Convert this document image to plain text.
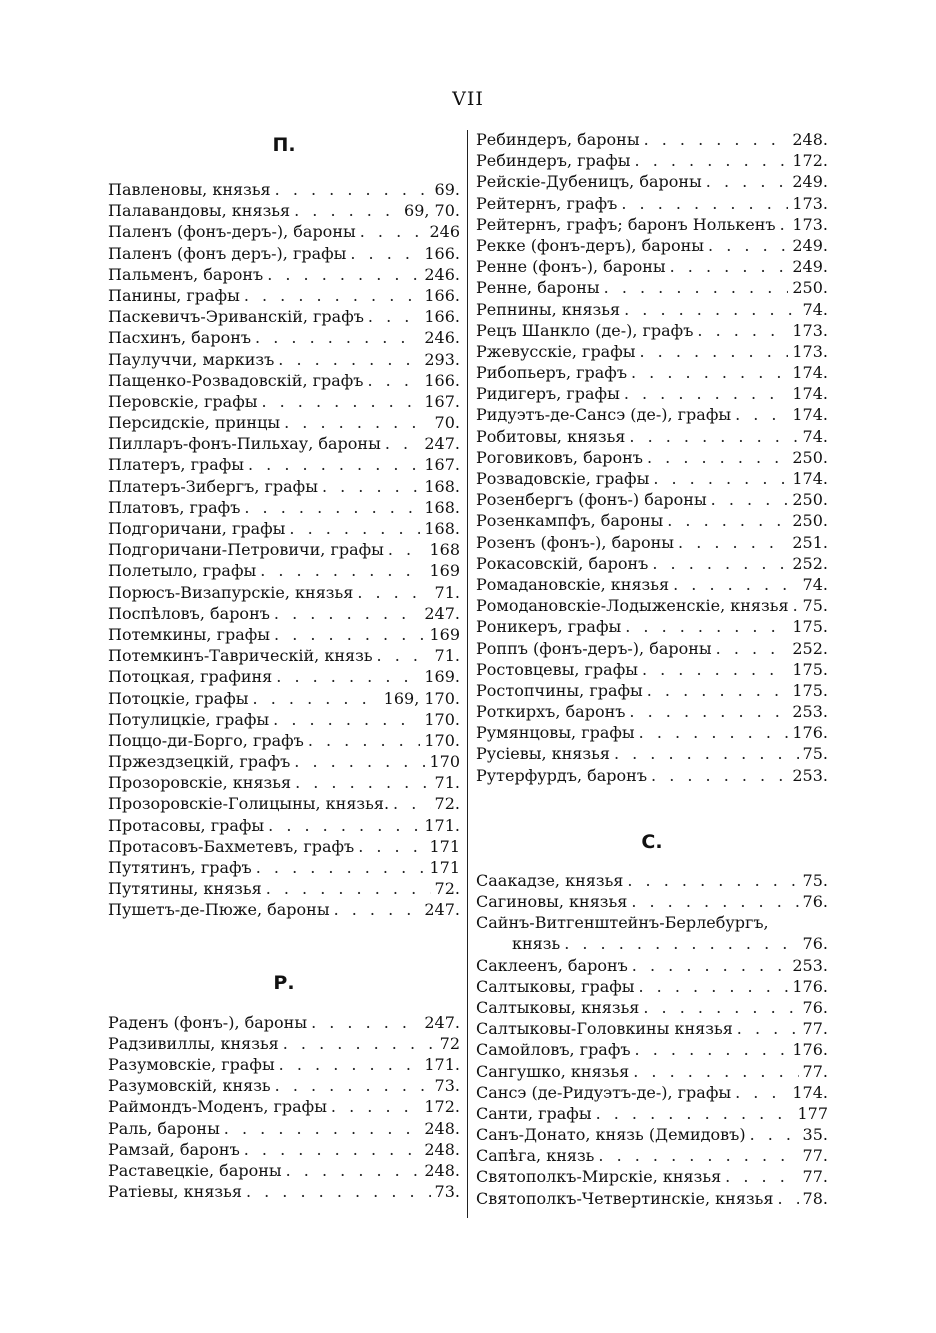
VII
П.
Павленовы, князья . . .	69.
Палавандовы, князья . . .	69, 70.
Паленъ (фонъ-деръ-), бароны . . .	246
Паленъ (фонъ деръ-), графы . . .	166.
Пальменъ, баронъ . . .	246.
Панины, графы . . .	166.
Паскевичъ-Эриванскій, графъ . . .	166.
Пасхинъ, баронъ . . .	246.
Паулуччи, маркизъ . . .	293.
Пащенко-Розвадовскій, графъ . . .	166.
Перовскіе, графы . . .	167.
Персидскіе, принцы . . .	70.
Пилларъ-фонъ-Пильхау, бароны . . .	247.
Платеръ, графы . . .	167.
Платеръ-Зибергъ, графы . . .	168.
Платовъ, графъ . . .	168.
Подгоричани, графы . . .	168.
Подгоричани-Петровичи, графы . . .	168
Полетыло, графы . . .	169
Порюсъ-Визапурскіе, князья . . .	71.
Поспѣловъ, баронъ . . .	247.
Потемкины, графы . . .	169
Потемкинъ-Таврическій, князь . . .	71.
Потоцкая, графиня . . .	169.
Потоцкіе, графы . . .	169, 170.
Потулицкіе, графы . . .	170.
Поццо-ди-Борго, графъ . . .	170.
Пржездзецкій, графъ . . .	170
Прозоровскіе, князья . . .	71.
Прозоровскіе-Голицыны, князья. . . .	72.
Протасовы, графы . . .	171.
Протасовъ-Бахметевъ, графъ . . .	171
Путятинъ, графъ . . .	171
Путятины, князья . . .	72.
Пушетъ-де-Пюже, бароны . . .	247.
Р.
Раденъ (фонъ-), бароны . . .	247.
Радзивиллы, князья . . .	72
Разумовскіе, графы . . .	171.
Разумовскій, князь . . .	73.
Раймондъ-Моденъ, графы . . .	172.
Раль, бароны . . .	248.
Рамзай, баронъ . . .	248.
Раставецкіе, бароны . . .	248.
Ратіевы, князья . . .	73.
Ребиндеръ, бароны . . .	248.
Ребиндеръ, графы . . .	172.
Рейскіе-Дубеницъ, бароны . . .	249.
Рейтернъ, графъ . . .	173.
Рейтернъ, графъ; баронъ Нолькенъ . . . 173.
Рекке (фонъ-деръ), бароны . . .	249.
Ренне (фонъ-), бароны . . .	249.
Ренне, бароны . . .	250.
Репнины, князья . . .	74.
Рецъ Шанкло (де-), графъ . . .	173.
Ржевусскіе, графы . . .	173.
Рибопьеръ, графъ . . .	174.
Ридигеръ, графы . . .	174.
Ридуэтъ-де-Сансэ (де-), графы . . .	174.
Робитовы, князья . . .	74.
Роговиковъ, баронъ . . .	250.
Розвадовскіе, графы . . .	174.
Розенбергъ (фонъ-) бароны . . .	250.
Розенкампфъ, бароны . . .	250.
Розенъ (фонъ-), бароны . . .	251.
Рокасовскій, баронъ . . .	252.
Ромадановскіе, князья . . .	74.
Ромодановскіе-Лодыженскіе, князья . . . 75.
Роникеръ, графы . . .	175.
Роппъ (фонъ-деръ-), бароны . . .	252.
Ростовцевы, графы . . .	175.
Ростопчины, графы . . .	175.
Роткирхъ, баронъ . . .	253.
Румянцовы, графы . . .	176.
Русіевы, князья . . .	75.
Рутерфурдъ, баронъ . . .	253.
С.
Саакадзе, князья . . .	75.
Сагиновы, князья . . .	76.
Сайнъ-Витгенштейнъ-Берлебургъ,
князь . . .	76.
Саклеенъ, баронъ . . .	253.
Салтыковы, графы . . .	176.
Салтыковы, князья . . .	76.
Салтыковы-Головкины князья . . .	77.
Самойловъ, графъ . . .	176.
Сангушко, князья . . .	77.
Сансэ (де-Ридуэтъ-де-), графы . . .	174.
Санти, графы . . .	177
Санъ-Донато, князь (Демидовъ) . . .	35.
Сапѣга, князь . . .	77.
Святополкъ-Мирскіе, князья . . .	77.
Святополкъ-Четвертинскіе, князья . . . 78.
